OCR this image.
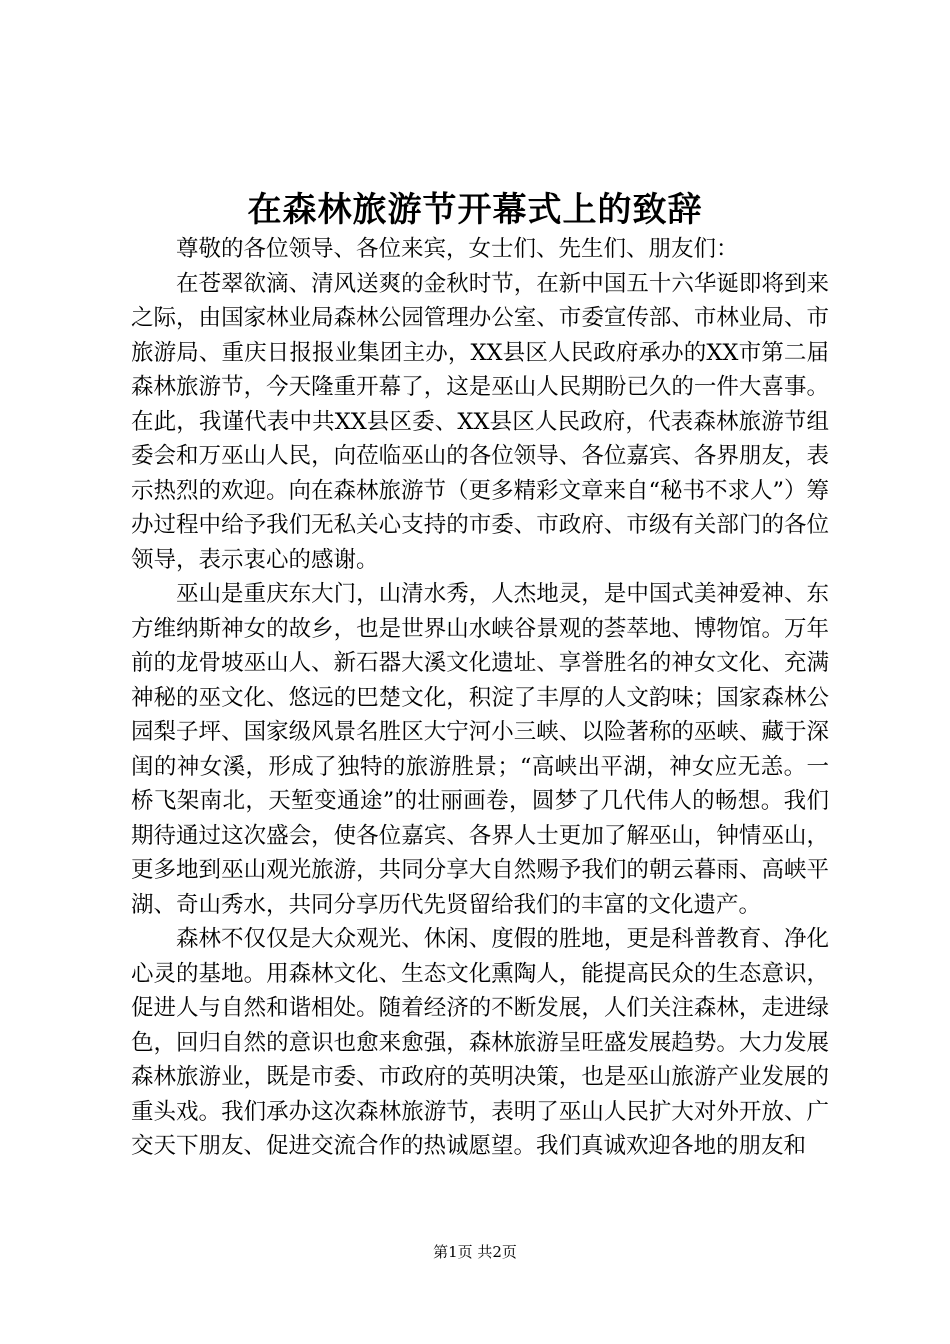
在森林旅游节开幕式上的致辞

尊敬的各位领导、各位来宾，女士们、先生们、朋友们：

在苍翠欲滴、清风送爽的金秋时节，在新中国五十六华诞即将到来之际，由国家林业局森林公园管理办公室、市委宣传部、市林业局、市旅游局、重庆日报报业集团主办，XX县区人民政府承办的XX市第二届森林旅游节，今天隆重开幕了，这是巫山人民期盼已久的一件大喜事。在此，我谨代表中共XX县区委、XX县区人民政府，代表森林旅游节组委会和万巫山人民，向莅临巫山的各位领导、各位嘉宾、各界朋友，表示热烈的欢迎。向在森林旅游节（更多精彩文章来自“秘书不求人”）筹办过程中给予我们无私关心支持的市委、市政府、市级有关部门的各位领导，表示衷心的感谢。

巫山是重庆东大门，山清水秀，人杰地灵，是中国式美神爱神、东方维纳斯神女的故乡，也是世界山水峡谷景观的荟萃地、博物馆。万年前的龙骨坡巫山人、新石器大溪文化遗址、享誉胜名的神女文化、充满神秘的巫文化、悠远的巴楚文化，积淀了丰厚的人文韵味；国家森林公园梨子坪、国家级风景名胜区大宁河小三峡、以险著称的巫峡、藏于深闺的神女溪，形成了独特的旅游胜景；“高峡出平湖，神女应无恙。一桥飞架南北，天堑变通途”的壮丽画卷，圆梦了几代伟人的畅想。我们期待通过这次盛会，使各位嘉宾、各界人士更加了解巫山，钟情巫山，更多地到巫山观光旅游，共同分享大自然赐予我们的朝云暮雨、高峡平湖、奇山秀水，共同分享历代先贤留给我们的丰富的文化遗产。

森林不仅仅是大众观光、休闲、度假的胜地，更是科普教育、净化心灵的基地。用森林文化、生态文化熏陶人，能提高民众的生态意识，促进人与自然和谐相处。随着经济的不断发展，人们关注森林，走进绿色，回归自然的意识也愈来愈强，森林旅游呈旺盛发展趋势。大力发展森林旅游业，既是市委、市政府的英明决策，也是巫山旅游产业发展的重头戏。我们承办这次森林旅游节，表明了巫山人民扩大对外开放、广交天下朋友、促进交流合作的热诚愿望。我们真诚欢迎各地的朋友和

第1页 共2页
